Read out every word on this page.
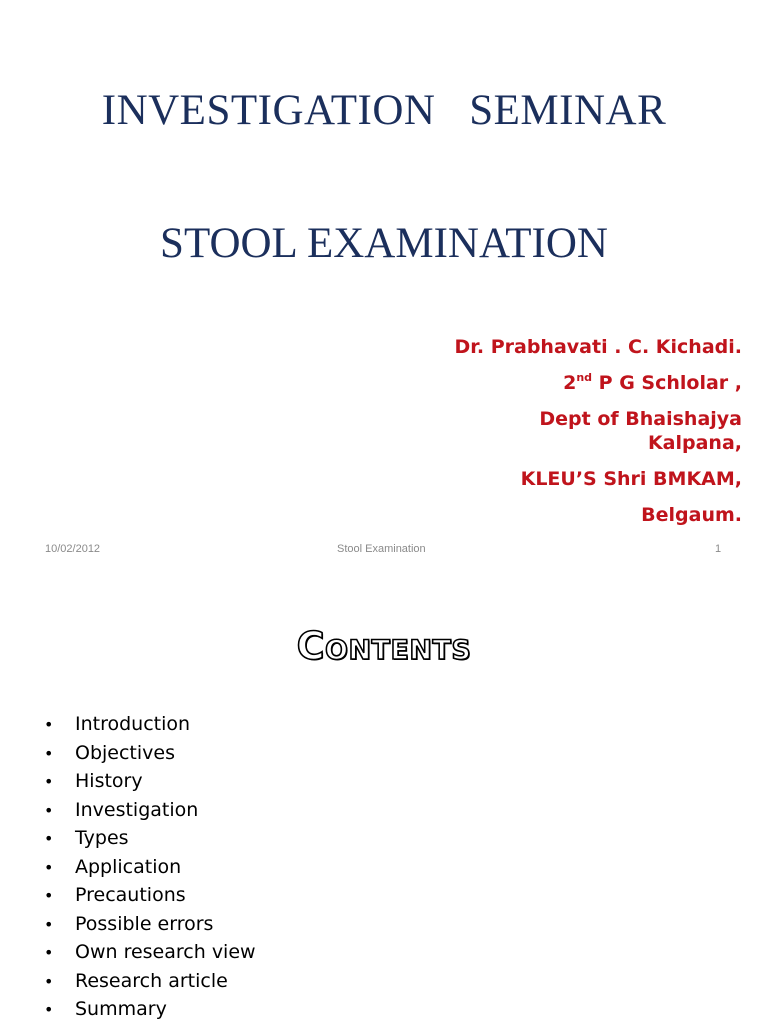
INVESTIGATION   SEMINAR
STOOL EXAMINATION
Dr. Prabhavati . C. Kichadi.
2nd P G Schlolar ,
Dept of Bhaishajya
Kalpana,
KLEU’S Shri BMKAM,
Belgaum.
10/02/2012	Stool Examination	1
Contents
• Introduction
• Objectives
• History
• Investigation
• Types
• Application
• Precautions
• Possible errors
• Own research view
• Research article
• Summary
